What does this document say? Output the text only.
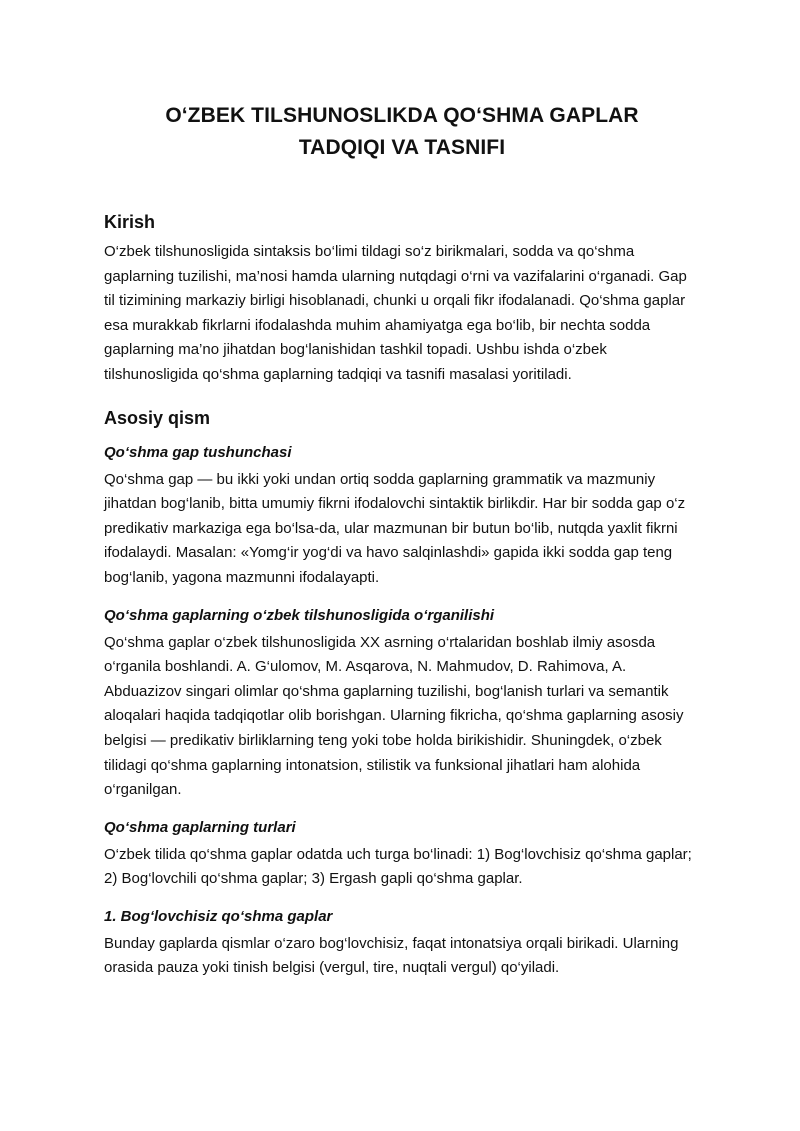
O‘ZBEK TILSHUNOSLIKDA QO‘SHMA GAPLAR
TADQIQI VA TASNIFI
Kirish

O‘zbek tilshunosligida sintaksis bo‘limi tildagi so‘z birikmalari, sodda va qo‘shma gaplarning tuzilishi, ma’nosi hamda ularning nutqdagi o‘rni va vazifalarini o‘rganadi. Gap til tizimining markaziy birligi hisoblanadi, chunki u orqali fikr ifodalanadi. Qo‘shma gaplar esa murakkab fikrlarni ifodalashda muhim ahamiyatga ega bo‘lib, bir nechta sodda gaplarning ma’no jihatdan bog‘lanishidan tashkil topadi. Ushbu ishda o‘zbek tilshunosligida qo‘shma gaplarning tadqiqi va tasnifi masalasi yoritiladi.

Asosiy qism
Qo‘shma gap tushunchasi

Qo‘shma gap — bu ikki yoki undan ortiq sodda gaplarning grammatik va mazmuniy jihatdan bog‘lanib, bitta umumiy fikrni ifodalovchi sintaktik birlikdir. Har bir sodda gap o‘z predikativ markaziga ega bo‘lsa-da, ular mazmunan bir butun bo‘lib, nutqda yaxlit fikrni ifodalaydi. Masalan: «Yomg‘ir yog‘di va havo salqinlashdi» gapida ikki sodda gap teng bog‘lanib, yagona mazmunni ifodalayapti.

Qo‘shma gaplarning o‘zbek tilshunosligida o‘rganilishi

Qo‘shma gaplar o‘zbek tilshunosligida XX asrning o‘rtalaridan boshlab ilmiy asosda o‘rganila boshlandi. A. G‘ulomov, M. Asqarova, N. Mahmudov, D. Rahimova, A. Abduazizov singari olimlar qo‘shma gaplarning tuzilishi, bog‘lanish turlari va semantik aloqalari haqida tadqiqotlar olib borishgan. Ularning fikricha, qo‘shma gaplarning asosiy belgisi — predikativ birliklarning teng yoki tobe holda birikishidir. Shuningdek, o‘zbek tilidagi qo‘shma gaplarning intonatsion, stilistik va funksional jihatlari ham alohida o‘rganilgan.

Qo‘shma gaplarning turlari

O‘zbek tilida qo‘shma gaplar odatda uch turga bo‘linadi: 1) Bog‘lovchisiz qo‘shma gaplar; 2) Bog‘lovchili qo‘shma gaplar; 3) Ergash gapli qo‘shma gaplar.

1. Bog‘lovchisiz qo‘shma gaplar

Bunday gaplarda qismlar o‘zaro bog‘lovchisiz, faqat intonatsiya orqali birikadi. Ularning orasida pauza yoki tinish belgisi (vergul, tire, nuqtali vergul) qo‘yiladi.
